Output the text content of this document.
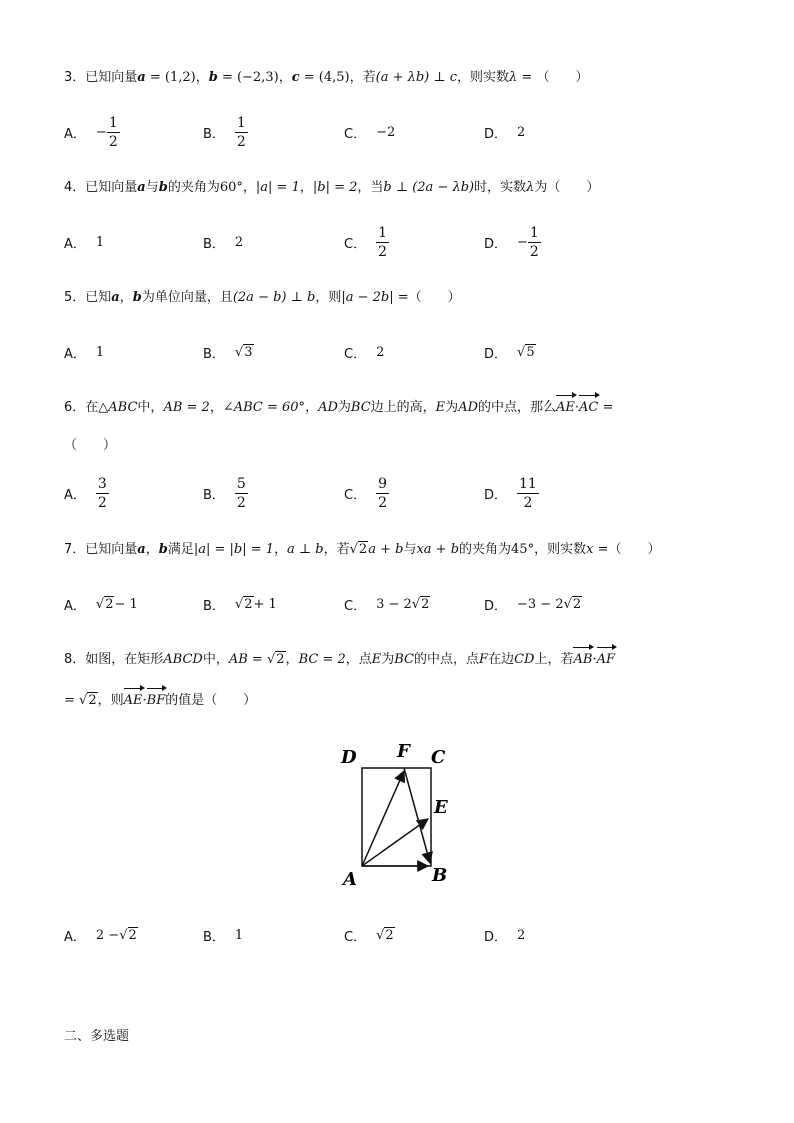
3．已知向量a = (1,2)，b = (−2,3)，c = (4,5)，若(a + λb) ⊥ c，则实数λ = （　　）
A． − $\frac{1}{2}$	B． $\frac{1}{2}$	C． −2	D． 2
4．已知向量a与b的夹角为60°，|a| = 1，|b| = 2，当b ⊥ (2a − λb)时，实数λ为（　　）
A． 1	B． 2	C． $\frac{1}{2}$	D． − $\frac{1}{2}$
5．已知a，b为单位向量，且(2a − b) ⊥ b，则|a − 2b| =（　　）
A． 1	B． √3	C． 2	D． √5
6．在△ABC中，AB = 2，∠ABC = 60°，AD为BC边上的高，E为AD的中点，那么AE·AC =
（　　）
A． $\frac{3}{2}$	B． $\frac{5}{2}$	C． $\frac{9}{2}$	D． $\frac{11}{2}$
7．已知向量a，b满足|a| = |b| = 1，a ⊥ b，若√2a + b与xa + b的夹角为45°，则实数x =（　　）
A． √2 − 1	B． √2 + 1	C． 3 − 2 √2	D． −3 − 2 √2
8．如图，在矩形ABCD中，AB = √2，BC = 2，点E为BC的中点，点F在边CD上，若AB·AF
= √2，则AE·BF的值是（　　）
D F C
E
A	B
A． 2 − √2	B． 1	C． √2	D． 2
二、多选题
